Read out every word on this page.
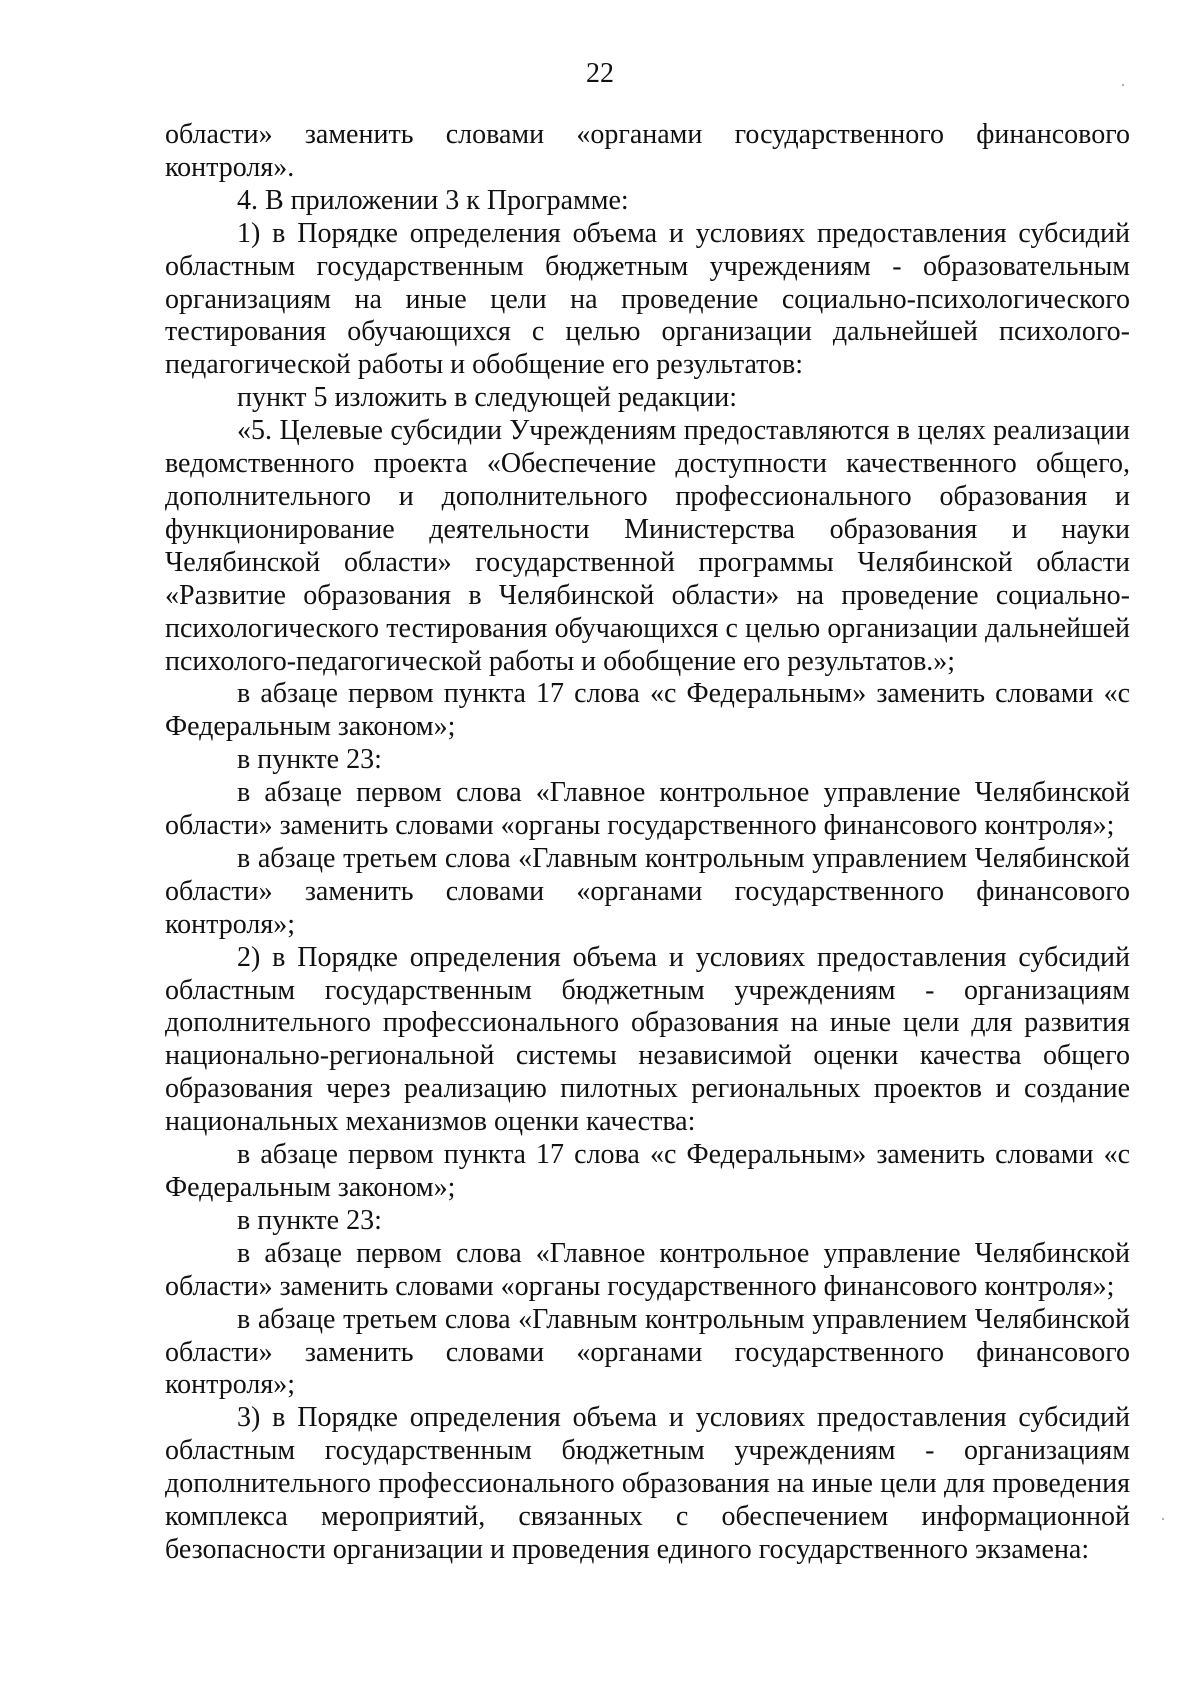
22

области» заменить словами «органами государственного финансового контроля».

4. В приложении 3 к Программе:

1) в Порядке определения объема и условиях предоставления субсидий областным государственным бюджетным учреждениям - образовательным организациям на иные цели на проведение социально-психологического тестирования обучающихся с целью организации дальнейшей психолого-педагогической работы и обобщение его результатов:

пункт 5 изложить в следующей редакции:

«5. Целевые субсидии Учреждениям предоставляются в целях реализации ведомственного проекта «Обеспечение доступности качественного общего, дополнительного и дополнительного профессионального образования и функционирование деятельности Министерства образования и науки Челябинской области» государственной программы Челябинской области «Развитие образования в Челябинской области» на проведение социально-психологического тестирования обучающихся с целью организации дальнейшей психолого-педагогической работы и обобщение его результатов.»;

в абзаце первом пункта 17 слова «с Федеральным» заменить словами «с Федеральным законом»;

в пункте 23:

в абзаце первом слова «Главное контрольное управление Челябинской области» заменить словами «органы государственного финансового контроля»;

в абзаце третьем слова «Главным контрольным управлением Челябинской области» заменить словами «органами государственного финансового контроля»;

2) в Порядке определения объема и условиях предоставления субсидий областным государственным бюджетным учреждениям - организациям дополнительного профессионального образования на иные цели для развития национально-региональной системы независимой оценки качества общего образования через реализацию пилотных региональных проектов и создание национальных механизмов оценки качества:

в абзаце первом пункта 17 слова «с Федеральным» заменить словами «с Федеральным законом»;

в пункте 23:

в абзаце первом слова «Главное контрольное управление Челябинской области» заменить словами «органы государственного финансового контроля»;

в абзаце третьем слова «Главным контрольным управлением Челябинской области» заменить словами «органами государственного финансового контроля»;

3) в Порядке определения объема и условиях предоставления субсидий областным государственным бюджетным учреждениям - организациям дополнительного профессионального образования на иные цели для проведения комплекса мероприятий, связанных с обеспечением информационной безопасности организации и проведения единого государственного экзамена:
